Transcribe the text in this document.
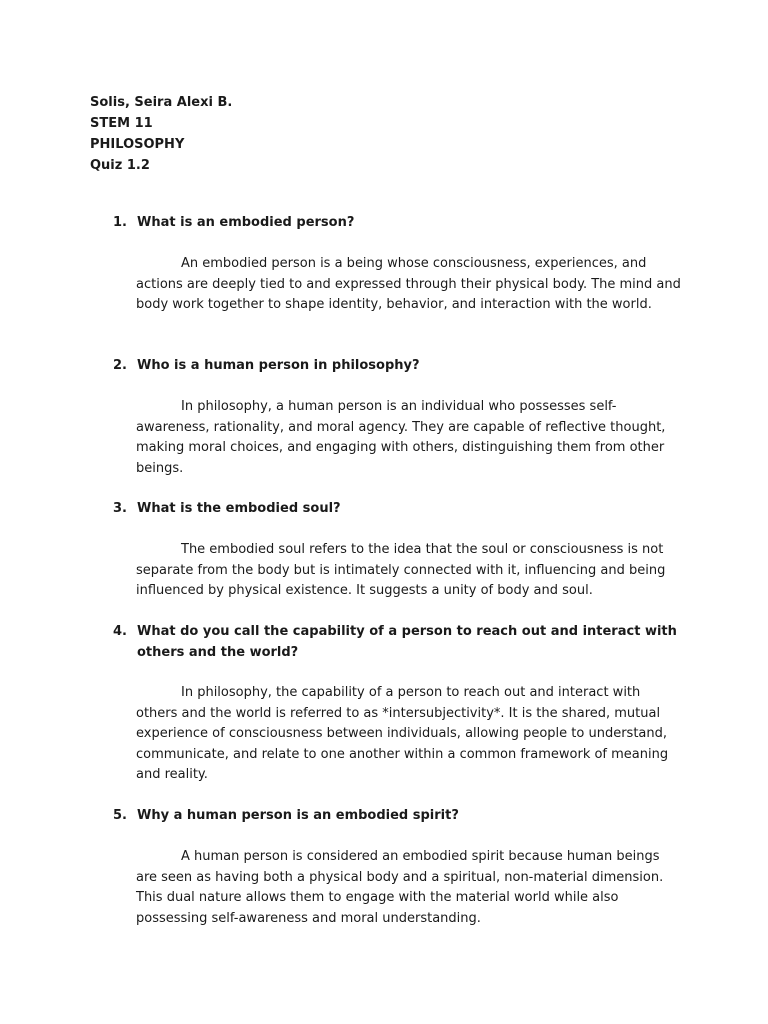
Solis, Seira Alexi B.
STEM 11
PHILOSOPHY
Quiz 1.2
1. What is an embodied person?

An embodied person is a being whose consciousness, experiences, and actions are deeply tied to and expressed through their physical body. The mind and body work together to shape identity, behavior, and interaction with the world.

2. Who is a human person in philosophy?

In philosophy, a human person is an individual who possesses self-awareness, rationality, and moral agency. They are capable of reflective thought, making moral choices, and engaging with others, distinguishing them from other beings.

3. What is the embodied soul?

The embodied soul refers to the idea that the soul or consciousness is not separate from the body but is intimately connected with it, influencing and being influenced by physical existence. It suggests a unity of body and soul.

4. What do you call the capability of a person to reach out and interact with others and the world?

In philosophy, the capability of a person to reach out and interact with others and the world is referred to as *intersubjectivity*. It is the shared, mutual experience of consciousness between individuals, allowing people to understand, communicate, and relate to one another within a common framework of meaning and reality.

5. Why a human person is an embodied spirit?

A human person is considered an embodied spirit because human beings are seen as having both a physical body and a spiritual, non-material dimension. This dual nature allows them to engage with the material world while also possessing self-awareness and moral understanding.
